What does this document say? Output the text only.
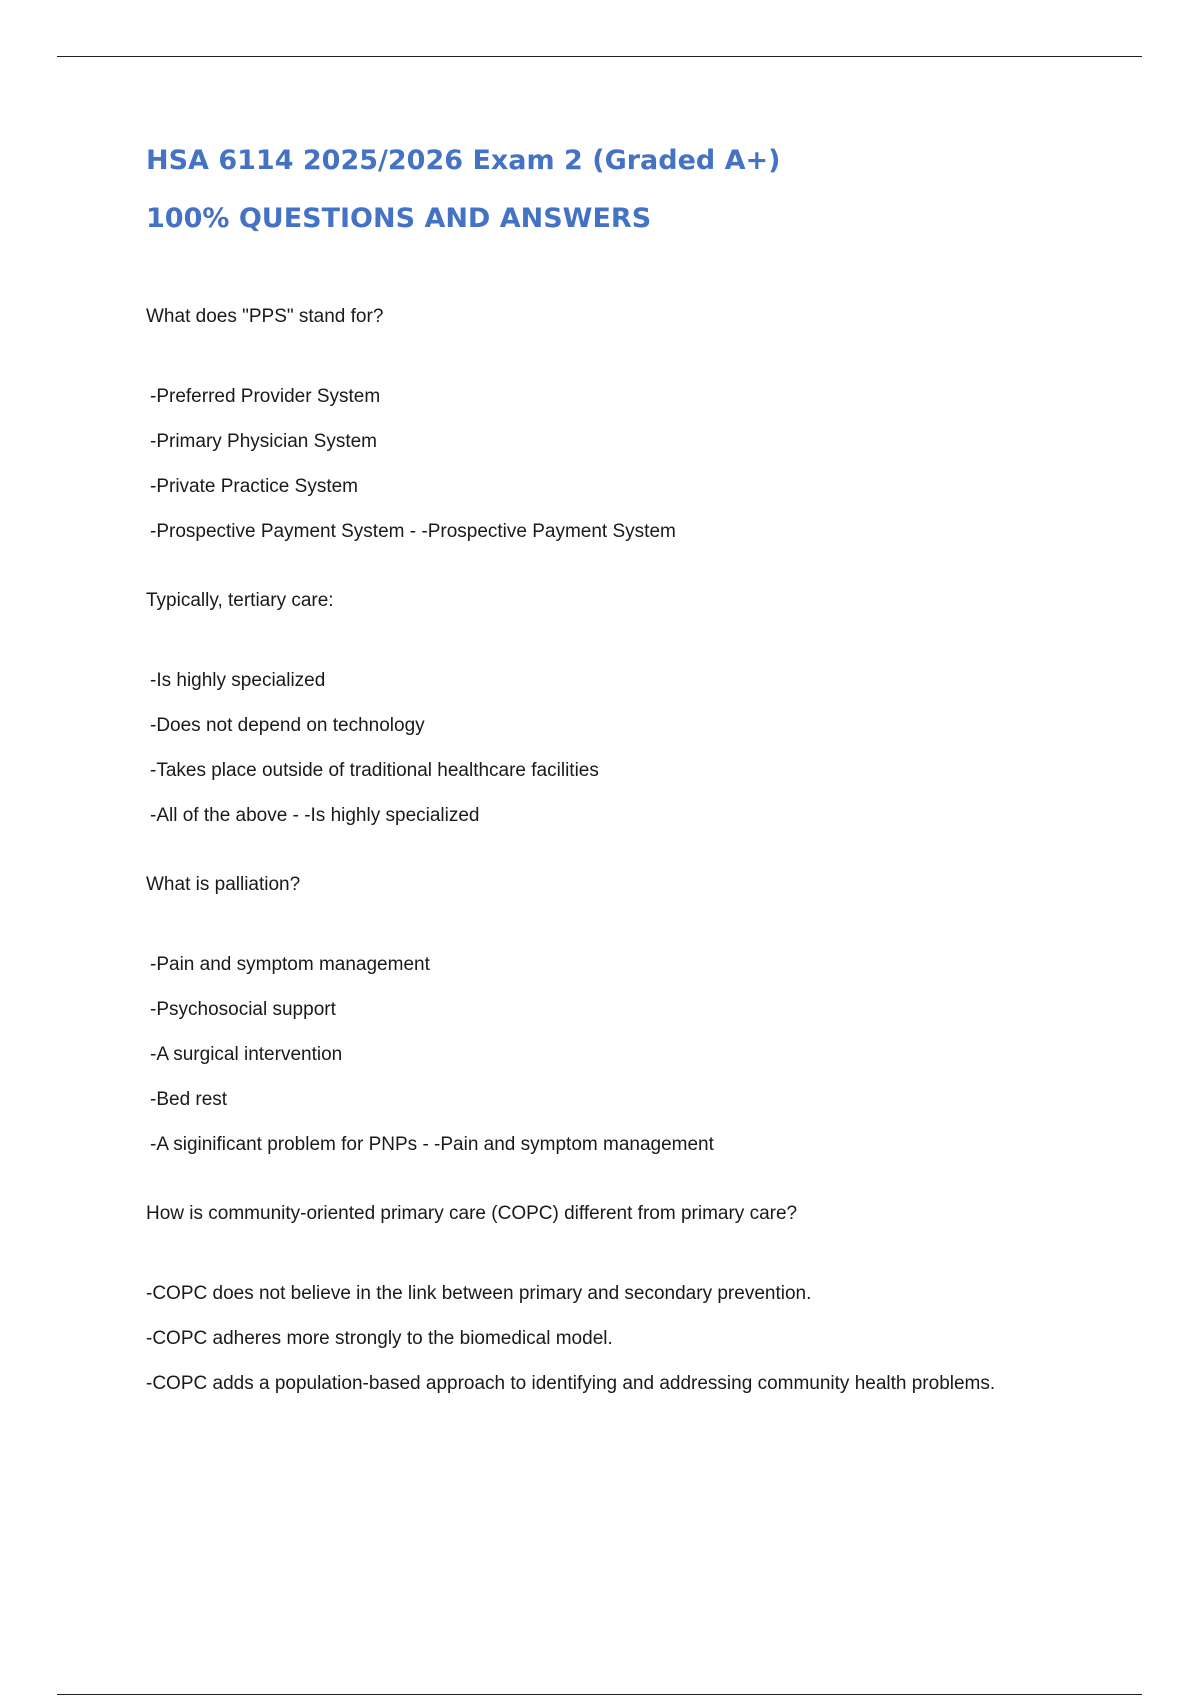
HSA 6114 2025/2026 Exam 2 (Graded A+)
100% QUESTIONS AND ANSWERS

What does "PPS" stand for?

-Preferred Provider System

-Primary Physician System

-Private Practice System

-Prospective Payment System - -Prospective Payment System

Typically, tertiary care:

-Is highly specialized

-Does not depend on technology

-Takes place outside of traditional healthcare facilities

-All of the above - -Is highly specialized

What is palliation?

-Pain and symptom management

-Psychosocial support

-A surgical intervention

-Bed rest

-A siginificant problem for PNPs - -Pain and symptom management

How is community-oriented primary care (COPC) different from primary care?

-COPC does not believe in the link between primary and secondary prevention.

-COPC adheres more strongly to the biomedical model.

-COPC adds a population-based approach to identifying and addressing community health problems.
